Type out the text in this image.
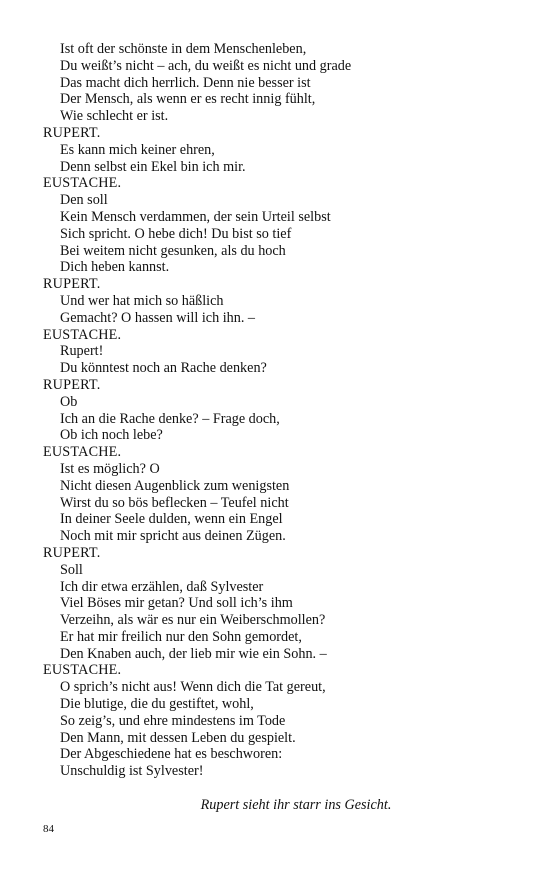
Ist oft der schönste in dem Menschenleben,
Du weißt’s nicht – ach, du weißt es nicht und grade
Das macht dich herrlich. Denn nie besser ist
Der Mensch, als wenn er es recht innig fühlt,
Wie schlecht er ist.
RUPERT.
Es kann mich keiner ehren,
Denn selbst ein Ekel bin ich mir.
EUSTACHE.
Den soll
Kein Mensch verdammen, der sein Urteil selbst
Sich spricht. O hebe dich! Du bist so tief
Bei weitem nicht gesunken, als du hoch
Dich heben kannst.
RUPERT.
Und wer hat mich so häßlich
Gemacht? O hassen will ich ihn. –
EUSTACHE.
Rupert!
Du könntest noch an Rache denken?
RUPERT.
Ob
Ich an die Rache denke? – Frage doch,
Ob ich noch lebe?
EUSTACHE.
Ist es möglich? O
Nicht diesen Augenblick zum wenigsten
Wirst du so bös beflecken – Teufel nicht
In deiner Seele dulden, wenn ein Engel
Noch mit mir spricht aus deinen Zügen.
RUPERT.
Soll
Ich dir etwa erzählen, daß Sylvester
Viel Böses mir getan? Und soll ich’s ihm
Verzeihn, als wär es nur ein Weiberschmollen?
Er hat mir freilich nur den Sohn gemordet,
Den Knaben auch, der lieb mir wie ein Sohn. –
EUSTACHE.
O sprich’s nicht aus! Wenn dich die Tat gereut,
Die blutige, die du gestiftet, wohl,
So zeig’s, und ehre mindestens im Tode
Den Mann, mit dessen Leben du gespielt.
Der Abgeschiedene hat es beschworen:
Unschuldig ist Sylvester!
Rupert sieht ihr starr ins Gesicht.
84
